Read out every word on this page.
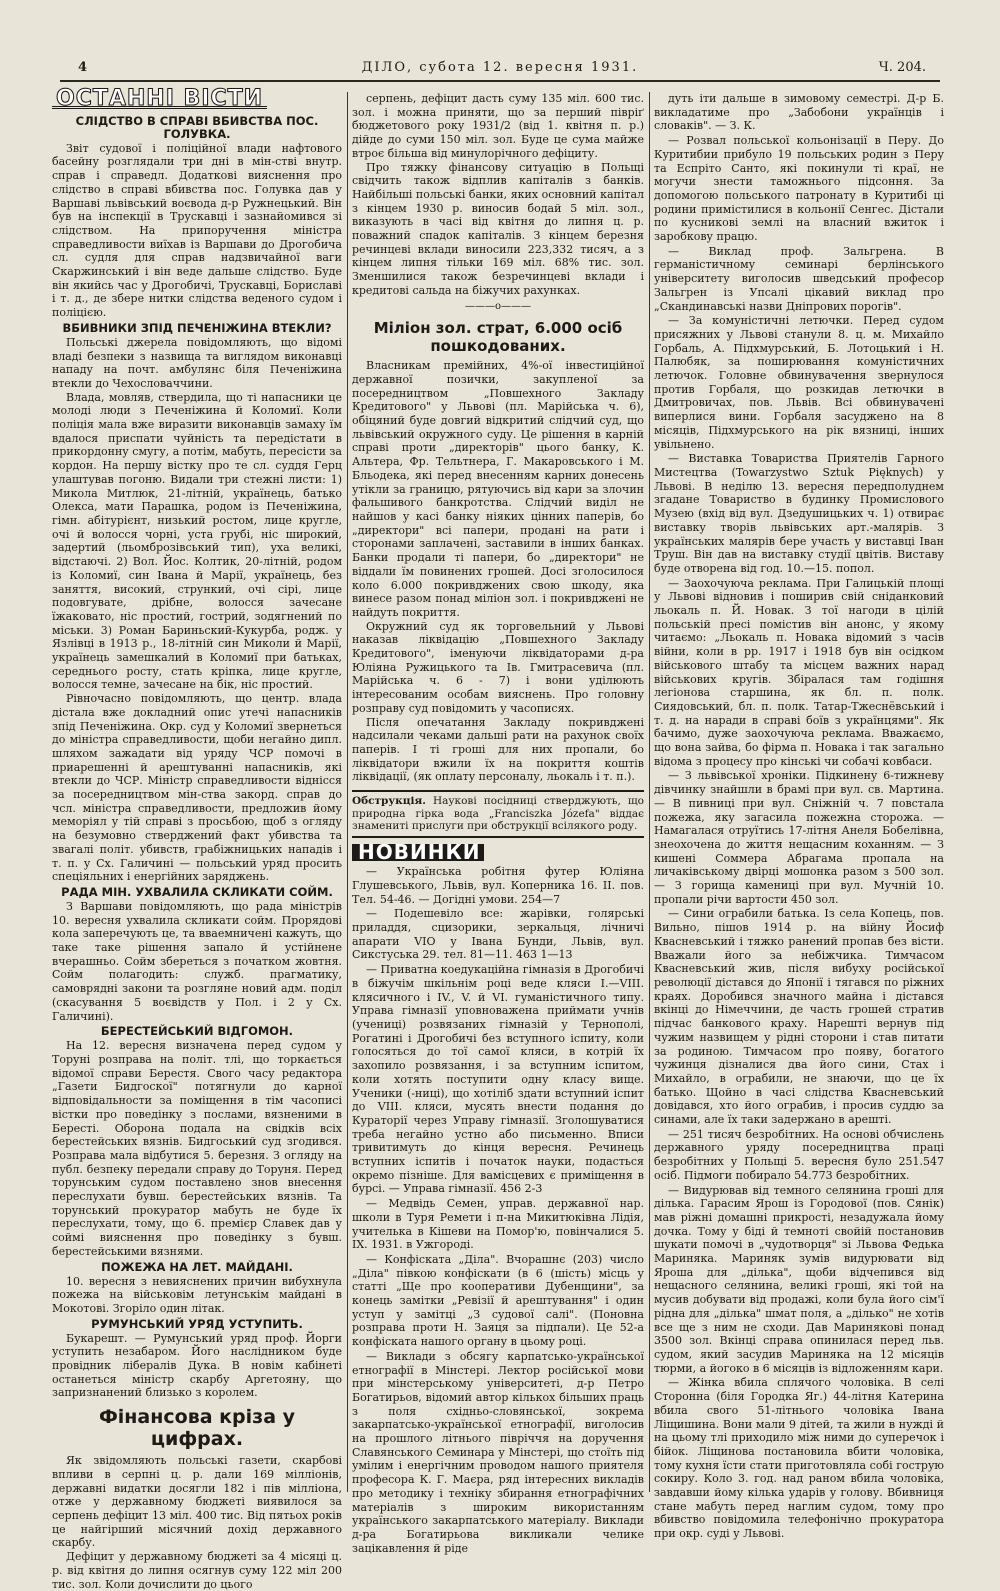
4	ДІЛО, субота 12. вересня 1931.	Ч. 204.
ОСТАННІ ВІСТИ
СЛІДСТВО В СПРАВІ ВБИВСТВА ПОС. ГОЛУВКА.

Звіт судової і поліційної влади нафтового басейну розглядали три дні в мін-стві внутр. справ і справедл. Додаткові вияснення про слідство в справі вбивства пос. Голувка дав у Варшаві львівський воєвода д-р Ружнецький. Він був на інспекції в Трускавці і зазнайомився зі слідством. На припоручення міністра справедливости виїхав із Варшави до Дрогобича сл. судля для справ надзвичайної ваги Скаржинський і він веде дальше слідство. Буде він якийсь час у Дрогобичі, Трускавці, Бориславі і т. д., де збере нитки слідства веденого судом і поліцією.

ВБИВНИКИ ЗПІД ПЕЧЕНІЖИНА ВТЕКЛИ?

Польські джерела повідомляють, що відомі владі безпеки з назвища та виглядом виконавці нападу на почт. амбулянс біля Печеніжина втекли до Чехословаччини.

Влада, мовляв, ствердила, що ті напасники це молоді люди з Печеніжина й Коломиї. Коли поліція мала вже виразити виконавців замаху їм вдалося приспати чуйність та передістати в прикордонну смугу, а потім, мабуть, пересісти за кордон. На першу вістку про те сл. суддя Герц улаштував погоню. Видали три стежні листи: 1) Микола Митлюк, 21-літній, українець, батько Олекса, мати Парашка, родом із Печеніжина, гімн. абітурієнт, низький ростом, лице кругле, очі й волосся чорні, уста грубі, ніс широкий, задертий (льомброзівський тип), уха великі, відстаючі. 2) Вол. Йос. Колтик, 20-літній, родом із Коломиї, син Івана й Марії, українець, без заняття, високий, стрункий, очі сірі, лице подовгувате, дрібне, волосся зачесане їжаковато, ніс простий, гострий, зодягнений по міськи. 3) Роман Бариньский-Кукурба, родж. у Язлівці в 1913 р., 18-літній син Миколи й Марії, українець замешкалий в Коломиї при батьках, середнього росту, стать кріпка, лице кругле, волосся темне, зачесане на бік, ніс простий.

Рівночасно повідомляють, що центр. влада дістала вже докладний опис утечі напасників зпід Печеніжина. Окр. суд у Коломиї звернеться до міністра справедливости, щоби негайно дипл. шляхом зажадати від уряду ЧСР помочі в приарешенні й арештуванні напасників, які втекли до ЧСР. Міністр справедливости віднісся за посередництвом мін-ства закорд. справ до чсл. міністра справедливости, предложив йому меморіял у тій справі з просьбою, щоб з огляду на безумовно стверджений факт убивства та звагалі політ. убивств, грабіжницьких нападів і т. п. у Сх. Галичині — польський уряд просить спеціяльних і енергійних заряджень.

РАДА МІН. УХВАЛИЛА СКЛИКАТИ СОЙМ.

З Варшави повідомляють, що рада міністрів 10. вересня ухвалила скликати сойм. Прорядові кола заперечують це, та вваемничені кажуть, що таке таке рішення запало й устійнене вчерашньо. Сойм збереться з початком жовтня. Сойм полагодить: служб. прагматику, самоврядні закони та розгляне новий адм. поділ (скасування 5 воєвідств у Пол. і 2 у Сх. Галичині).

БЕРЕСТЕЙСЬКИЙ ВІДГОМОН.

На 12. вересня визначена перед судом у Торуні розправа на політ. тлі, що торкається відомої справи Берестя. Свого часу редактора „Газети Бидгоскої" потягнули до карної відповідальности за поміщення в тім часописі вістки про поведінку з послами, вязненими в Бересті. Оборона подала на свідків всіх берестейських вязнів. Бидгоський суд згодився. Розправа мала відбутися 5. березня. З огляду на публ. безпеку передали справу до Торуня. Перед торунським судом поставлено знов внесення переслухати бувш. берестейських вязнів. Та торунський прокуратор мабуть не буде їх переслухати, тому, що 6. премієр Славек дав у соймі вияснення про поведінку з бувш. берестейськими вязнями.

ПОЖЕЖА НА ЛЕТ. МАЙДАНІ.

10. вересня з невияснених причин вибухнула пожежа на військовім летунськім майдані в Мокотові. Згоріло один літак.

РУМУНСЬКИЙ УРЯД УСТУПИТЬ.

Букарешт. — Румунський уряд проф. Йорги уступить незабаром. Його наслідником буде провідник лібералів Дука. В новім кабінеті останеться міністр скарбу Аргетояну, що запризнанений близько з королем.

Фінансова кріза у цифрах.

Як звідомляють польські газети, скарбові впливи в серпні ц. р. дали 169 мілліонів, державні видатки досягли 182 і пів мілліона, отже у державному бюджеті виявилося за серпень дефіцит 13 міл. 400 тис. Від пятьох років це найгірший місячний дохід державного скарбу.

Дефіцит у державному бюджеті за 4 місяці ц. р. від квітня до липня осягнув суму 122 міл 200 тис. зол. Коли дочислити до цього

серпень, дефіцит дасть суму 135 міл. 600 тис. зол. і можна приняти, що за перший півріґ бюджетового року 1931/2 (від 1. квітня п. р.) дійде до суми 150 міл. зол. Буде це сума майже втроє більша від минулорічного дефіциту.

Про тяжку фінансову ситуацію в Польщі свідчить також відплив капіталів з банків. Найбільші польські банки, яких основний капітал з кінцем 1930 р. виносив бодай 5 міл. зол., виказують в часі від квітня до липня ц. р. поважний спадок капіталів. З кінцем березня речинцеві вклади виносили 223,332 тисяч, а з кінцем липня тільки 169 міл. 68% тис. зол. Зменшилися також безречинцеві вклади і кредитові сальда на біжучих рахунках.

———o———
Міліон зол. страт, 6.000 осіб пошкодованих.

Власникам премійних, 4%-ої інвестиційної державної позички, закупленої за посередництвом „Повшехного Закладу Кредитового" у Львові (пл. Марійська ч. 6), обіцяний буде довгий відкритий слідчий суд, що львівський окружного суду. Це рішення в карній справі проти „директорів" цього банку, К. Альтера, Фр. Тельтнера, Г. Макаровського і М. Бльодека, які перед внесенням карних донесень утікли за границю, рятуючись від кари за злочин фальшивого банкротства. Слідчий виділ не найшов у касі банку ніяких цінних паперів, бо „директори" всі папери, продані на рати і сторонами заплачені, заставили в інших банках. Банки продали ті папери, бо „директори" не віддали їм повинених грошей. Досі зголосилося коло 6.000 покривджених свою шкоду, яка винесе разом понад міліон зол. і покривджені не найдуть покриття.

Окружний суд як торговельний у Львові наказав ліквідацію „Повшехного Закладу Кредитового", іменуючи ліквідаторами д-ра Юліяна Ружицького та Ів. Гмитрасевича (пл. Марійська ч. 6 - 7) і вони уділюють інтересованим особам вияснень. Про головну розправу суд повідомить у часописях.

Після опечатання Закладу покривджені надсилали чеками дальші рати на рахунок своїх паперів. І ті гроші для них пропали, бо ліквідатори вжили їх на покриття коштів ліквідації, (як оплату персоналу, льокаль і т. п.).

Обструкція. Наукові посідниці стверджують, що природна гірка вода „Franciszka Józefa" віддає знамениті прислуги при обструкції всілякого роду.
НОВИНКИ

— Українська робітня футер Юліяна Глушевського, Львів, вул. Коперника 16. II. пов. Тел. 54-46. — Догідні умови. 254—7

— Подешевіло все: жарівки, голярські приладдя, сцизорики, зеркальця, лічничі апарати VIO у Івана Бунди, Львів, вул. Сикстуська 29. тел. 81—11. 463 1—13

— Приватна коедукаційна гімназія в Дрогобичі в біжучім шкільнім році веде кляси І.—VIII. клясичного і IV., V. й VI. гуманістичного типу. Управа гімназії уповноважена приймати учнів (учениці) розвязаних гімназій у Тернополі, Рогатині і Дрогобичі без вступного іспиту, коли голосяться до тої самої кляси, в котрій їх захопило розвязання, і за вступним іспитом, коли хотять поступити одну класу вище. Ученики (-ниці), що хотіліб здати вступний іспит до VIII. кляси, мусять внести подання до Кураторії через Управу гімназії. Зголошуватися треба негайно устно або письменно. Вписи тривитимуть до кінця вересня. Речинець вступних іспитів і початок науки, подасться окремо пізніше. Для вамісцевих є приміщення в бурсі. — Управа гімназії. 456 2-3

— Медвідь Семен, управ. державної нар. школи в Туря Ремети і п-на Микитюківна Лідія, учителька в Кішеви на Помор'ю, повінчалися 5. IX. 1931. в Ужгороді.

— Конфіската „Діла". Вчорашнє (203) число „Діла" півкою конфіскати (в 6 (шість) місць у статті „Ще про кооперативи Дубенщини", за конець замітки „Ревізії й арештування" і один уступ у замітці „З судової салі". (Поновна розправа проти Н. Заяця за підпали). Це 52-а конфіската нашого органу в цьому році.

— Виклади з обсягу карпатсько-української етнографії в Мінстері. Лектор російської мови при мінстерському університеті, д-р Петро Богатирьов, відомий автор кількох більших праць з поля східньо-словянської, зокрема закарпатсько-української етнографії, виголосив на прошлого літнього півріччя на доручення Славянського Семинара у Мінстері, що стоїть під умілим і енергічним проводом нашого приятеля професора К. Г. Маєра, ряд інтересних викладів про методику і техніку збирання етнографічних матеріалів з широким використанням українського закарпатського матеріалу. Виклади д-ра Богатирьова викликали челике зацікавлення й ріде

дуть іти дальше в зимовому семестрі. Д-р Б. викладатиме про „Забобони українців і словаків". — З. К.

— Розвал польської кольонізації в Перу. До Куритибии прибуло 19 польських родин з Перу та Еспріто Санто, які покинули ті краї, не могучи знести таможнього підсоння. За допомогою польського патронату в Куритибі ці родини примістилися в кольонії Сенгес. Дістали по кусникові землі на власний вжиток і заробкову працю.

— Виклад проф. Зальгрена. В германістичному семинарі берлінського університету виголосив шведський професор Зальгрен із Упсалі цікавий виклад про „Скандинавські назви Дніпрових порогів".

— За комуністичні летючки. Перед судом присяжних у Львові станули 8. ц. м. Михайло Горбаль, А. Підхмурський, Б. Лотоцький і Н. Палюбяк, за поширювання комуністичних летючок. Головне обвинувачення звернулося против Горбаля, що розкидав летючки в Дмитровичах, пов. Львів. Всі обвинувачені виперлися вини. Горбаля засуджено на 8 місяців, Підхмурського на рік вязниці, інших увільнено.

— Виставка Товариства Приятелів Гарного Мистецтва (Towarzystwo Sztuk Pięknych) у Львові. В неділю 13. вересня передполуднем згадане Товариство в будинку Промислового Музею (вхід від вул. Дзедушицьких ч. 1) отвирає виставку творів львівських арт.-малярів. З українських малярів бере участь у виставці Іван Труш. Він дав на виставку студії цвітів. Виставу буде отворена від год. 10.—15. попол.

— Заохочуюча реклама. При Галицькій площі у Львові відновив і поширив свій сніданковий льокаль п. Й. Новак. З тої нагоди в цілій польській пресі помістив він анонс, у якому читаємо: „Льокаль п. Новака відомий з часів війни, коли в рр. 1917 і 1918 був він осідком військового штабу та місцем важних нарад військових кругів. Збіралася там годішня легіонова старшина, як бл. п. полк. Сиядовський, бл. п. полк. Татар-Тжеснёвський і т. д. на наради в справі боїв з українцями". Як бачимо, дуже заохочуюча реклама. Вважаємо, що вона зайва, бо фірма п. Новака і так загально відома з процесу про кінські чи собачі ковбаси.

— З львівської хроніки. Підкинену 6-тижневу дівчинку знайшли в брамі при вул. св. Мартина. — В пивниці при вул. Сніжній ч. 7 повстала пожежа, яку загасила пожежна сторожа. — Намагалася отруїтись 17-літня Анеля Бобелівна, знеохочена до життя нещасним коханням. — З кишені Соммера Абрагама пропала на личаківському двірці мошонка разом з 500 зол. — З горища камениці при вул. Мучній 10. пропали річи вартости 450 зол.

— Сини ограбили батька. Із села Копець, пов. Вильно, пішов 1914 р. на війну Йосиф Квасневський і тяжко ранений пропав без вісти. Вважали його за небіжчика. Тимчасом Квасневський жив, після вибуху російської революції дістався до Японії і тягався по ріжних краях. Доробився значного майна і дістався вкінці до Німеччини, де часть грошей стратив підчас банкового краху. Нарешті вернув під чужим назвищем у рідні сторони і став питати за родиною. Тимчасом про появу, богатого чужинця дізналися два його сини, Стах і Михайло, в ограбили, не знаючи, що це їх батько. Щойно в часі слідства Квасневський довідався, хто його ограбив, і просив суддю за синами, але їх таки задержано в арешті.

— 251 тисяч безробітних. На основі обчислень державного уряду посередництва праці безробітних у Польщі 5. вересня було 251.547 осіб. Підмоги побирало 54.773 безробітних.

— Видурював від темного селянина гроші для ділька. Гарасим Ярош із Городової (пов. Сянік) мав ріжні домашні прикрості, незадужала йому дочка. Тому у біді й темноті свойій постановив шукати помочі в „чудотворця" зі Львова Федька Мариняка. Мариняк зумів видурювати від Яроша для „ділька", щоби відчепився від нещасного селянина, великі гроші, які той на мусив добувати від продажі, коли була його сім'ї рідна для „ділька" шмат поля, а „ділько" не хотів все ще з ним не сходи. Дав Маринякові понад 3500 зол. Вкінці справа опинилася перед льв. судом, який засудив Мариняка на 12 місяців тюрми, а йогоко в 6 місяців із відложенням кари.

— Жінка вбила сплячого чоловіка. В селі Сторонна (біля Городка Яг.) 44-літня Катерина вбила свого 51-літнього чоловіка Івана Ліщишина. Вони мали 9 дітей, та жили в нужді й на цьому тлі приходило між ними до суперечок і бійок. Ліщинова постановила вбити чоловіка, тому кухня їсти стати приготовляла собі гострую сокиру. Коло 3. год. над раном вбила чоловіка, завдавши йому кілька ударів у голову. Вбивниця стане мабуть перед наглим судом, тому про вбивство повідомила телефонічно прокуратора при окр. суді у Львові.
